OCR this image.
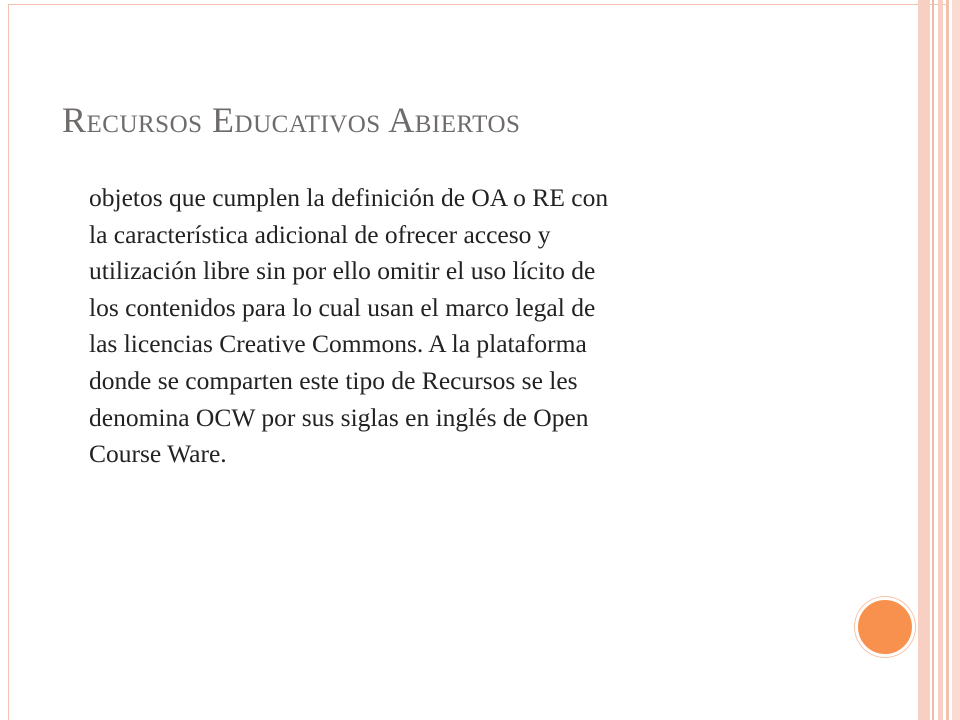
Recursos Educativos Abiertos

objetos que cumplen la definición de OA o RE con
la característica adicional de ofrecer acceso y
utilización libre sin por ello omitir el uso lícito de
los contenidos para lo cual usan el marco legal de
las licencias Creative Commons. A la plataforma
donde se comparten este tipo de Recursos se les
denomina OCW por sus siglas en inglés de Open
Course Ware.
